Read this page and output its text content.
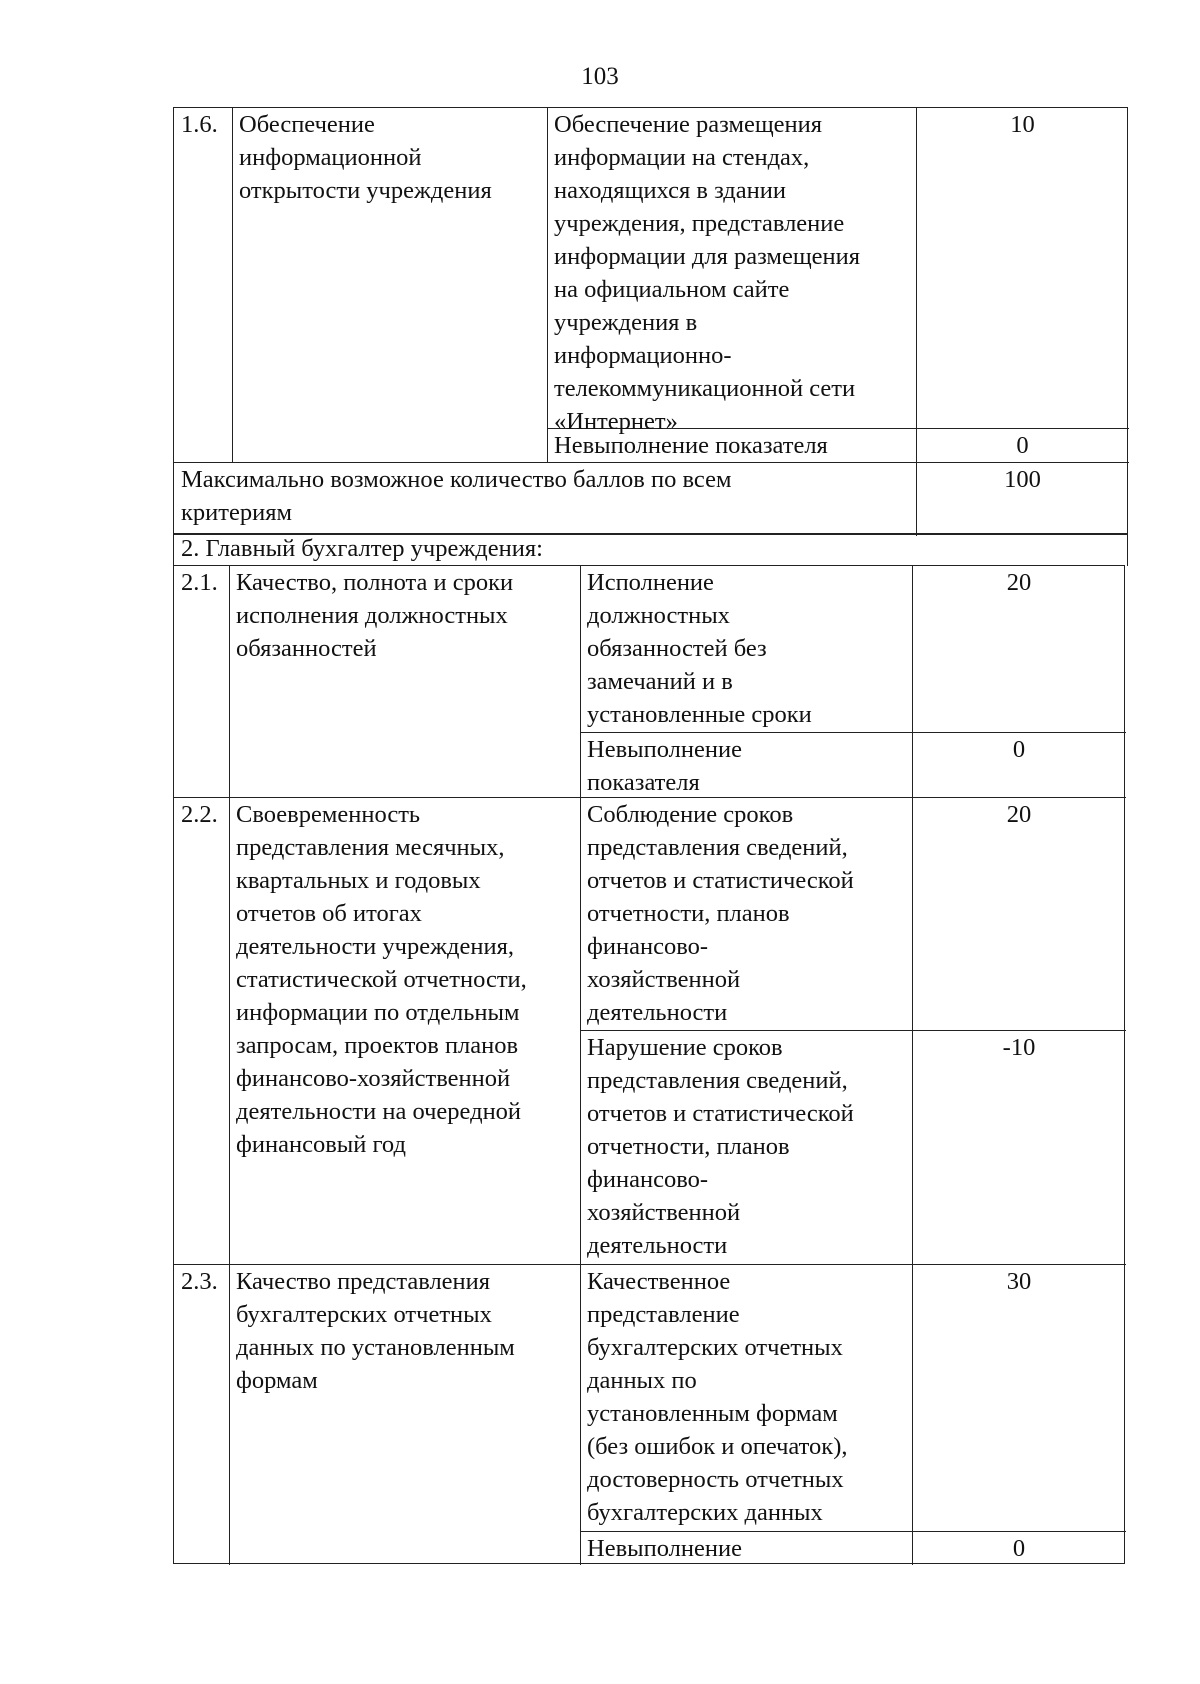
103
1.6. Обеспечение
информационной
открытости учреждения
Обеспечение размещения
информации на стендах,
находящихся в здании
учреждения, представление
информации для размещения
на официальном сайте
учреждения в
информационно-
телекоммуникационной сети
«Интернет»
10
Невыполнение показателя	0
Максимально возможное количество баллов по всем
критериям
100
2. Главный бухгалтер учреждения:
2.1. Качество, полнота и сроки
исполнения должностных
обязанностей
Исполнение
должностных
обязанностей без
замечаний и в
установленные сроки
20
Невыполнение
показателя
0
2.2. Своевременность
представления месячных,
квартальных и годовых
отчетов об итогах
деятельности учреждения,
статистической отчетности,
информации по отдельным
запросам, проектов планов
финансово-хозяйственной
деятельности на очередной
финансовый год
Соблюдение сроков
представления сведений,
отчетов и статистической
отчетности, планов
финансово-
хозяйственной
деятельности
20
Нарушение сроков
представления сведений,
отчетов и статистической
отчетности, планов
финансово-
хозяйственной
деятельности
-10
2.3. Качество представления
бухгалтерских отчетных
данных по установленным
формам
Качественное
представление
бухгалтерских отчетных
данных по
установленным формам
(без ошибок и опечаток),
достоверность отчетных
бухгалтерских данных
30
Невыполнение	0
